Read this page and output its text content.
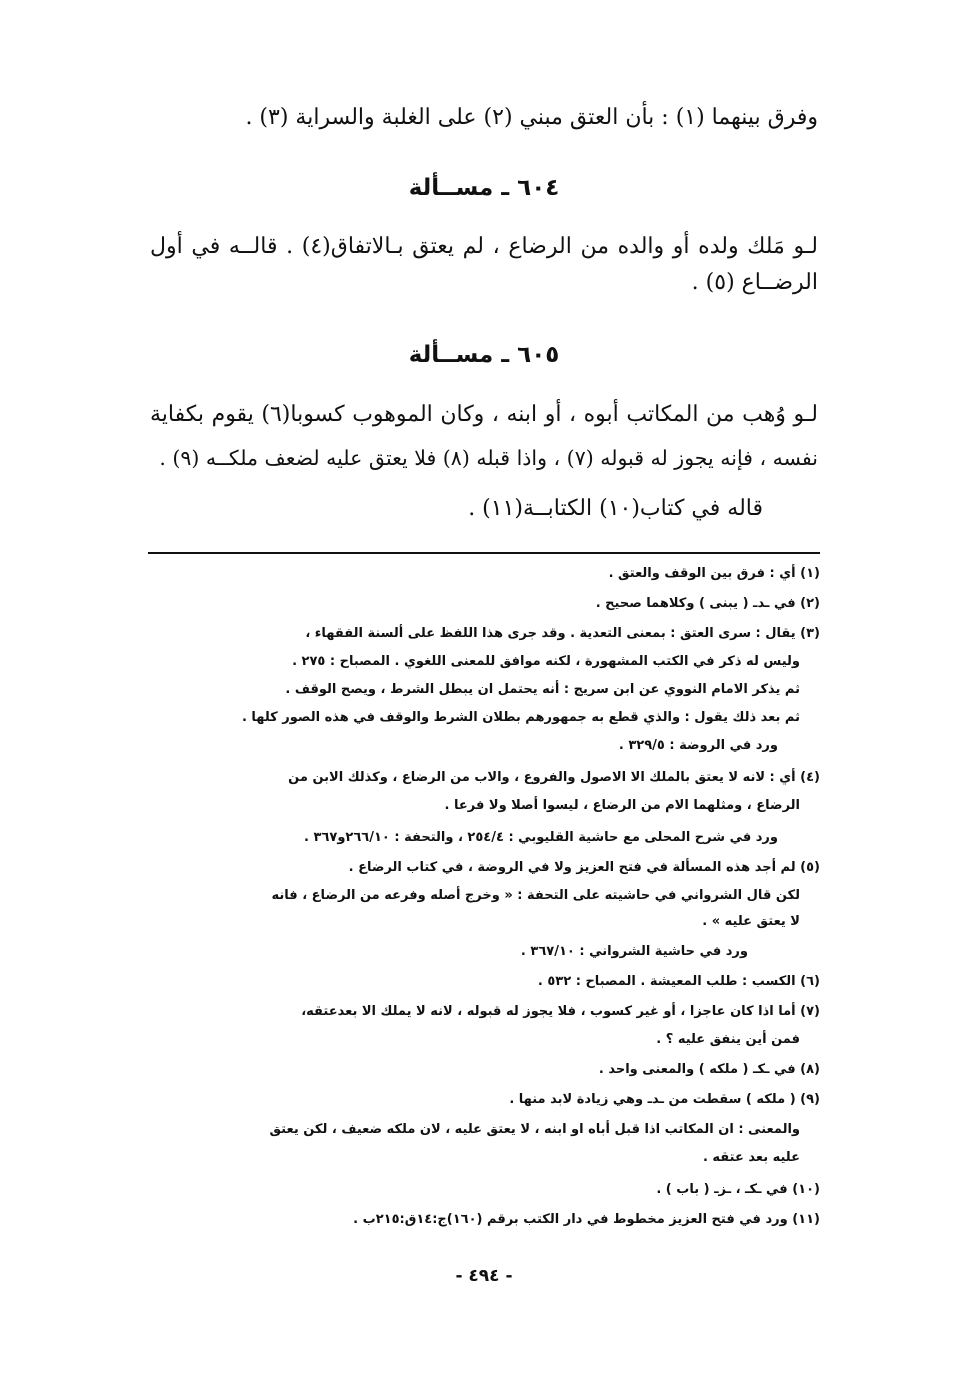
وفرق بينهما (١) : بأن العتق مبني (٢) على الغلبة والسراية (٣) .
٦٠٤ ـ مســألة
لـو مَلك ولده أو والده من الرضاع ، لم يعتق بـالاتفاق(٤) . قالــه في أول
الرضــاع (٥) .
٦٠٥ ـ مســألة
لـو وُهب من المكاتب أبوه ، أو ابنه ، وكان الموهوب كسوبا(٦) يقوم بكفاية
نفسه ، فإنه يجوز له قبوله (٧) ، واذا قبله (٨) فلا يعتق عليه لضعف ملكــه (٩) .
قاله في كتاب(١٠) الكتابــة(١١) .
(١) أي : فرق بين الوقف والعتق .
(٢) في ـدـ ( يبنى ) وكلاهما صحيح .
(٣) يقال : سرى العتق : بمعنى التعدية . وقد جرى هذا اللفظ على ألسنة الفقهاء ،
وليس له ذكر في الكتب المشهورة ، لكنه موافق للمعنى اللغوي . المصباح : ٢٧٥ .
ثم يذكر الامام النووي عن ابن سريج : أنه يحتمل ان يبطل الشرط ، ويصح الوقف .
ثم بعد ذلك يقول : والذي قطع به جمهورهم بطلان الشرط والوقف في هذه الصور كلها .
ورد في الروضة : ٣٢٩/٥ .
(٤) أي : لانه لا يعتق بالملك الا الاصول والفروع ، والاب من الرضاع ، وكذلك الابن من
الرضاع ، ومثلهما الام من الرضاع ، ليسوا أصلا ولا فرعا .
ورد في شرح المحلى مع حاشية القليوبي : ٢٥٤/٤ ، والتحفة : ٢٦٦/١٠و٣٦٧ .
(٥) لم أجد هذه المسألة في فتح العزيز ولا في الروضة ، في كتاب الرضاع .
لكن قال الشرواني في حاشيته على التحفة : « وخرج أصله وفرعه من الرضاع ، فانه
لا يعتق عليه » .
ورد في حاشية الشرواني : ٣٦٧/١٠ .
(٦) الكسب : طلب المعيشة . المصباح : ٥٣٢ .
(٧) أما اذا كان عاجزا ، أو غير كسوب ، فلا يجوز له قبوله ، لانه لا يملك الا بعدعتقه،
فمن أين ينفق عليه ؟ .
(٨) في ـكـ ( ملكه ) والمعنى واحد .
(٩) ( ملكه ) سقطت من ـدـ وهي زيادة لابد منها .
والمعنى : ان المكاتب اذا قبل أباه او ابنه ، لا يعتق عليه ، لان ملكه ضعيف ، لكن يعتق
عليه بعد عتقه .
(١٠) في ـكـ ، ـزـ ( باب ) .
(١١) ورد في فتح العزيز مخطوط في دار الكتب برقم (١٦٠)ج:١٤ق:٢١٥ب .
- ٤٩٤ -
